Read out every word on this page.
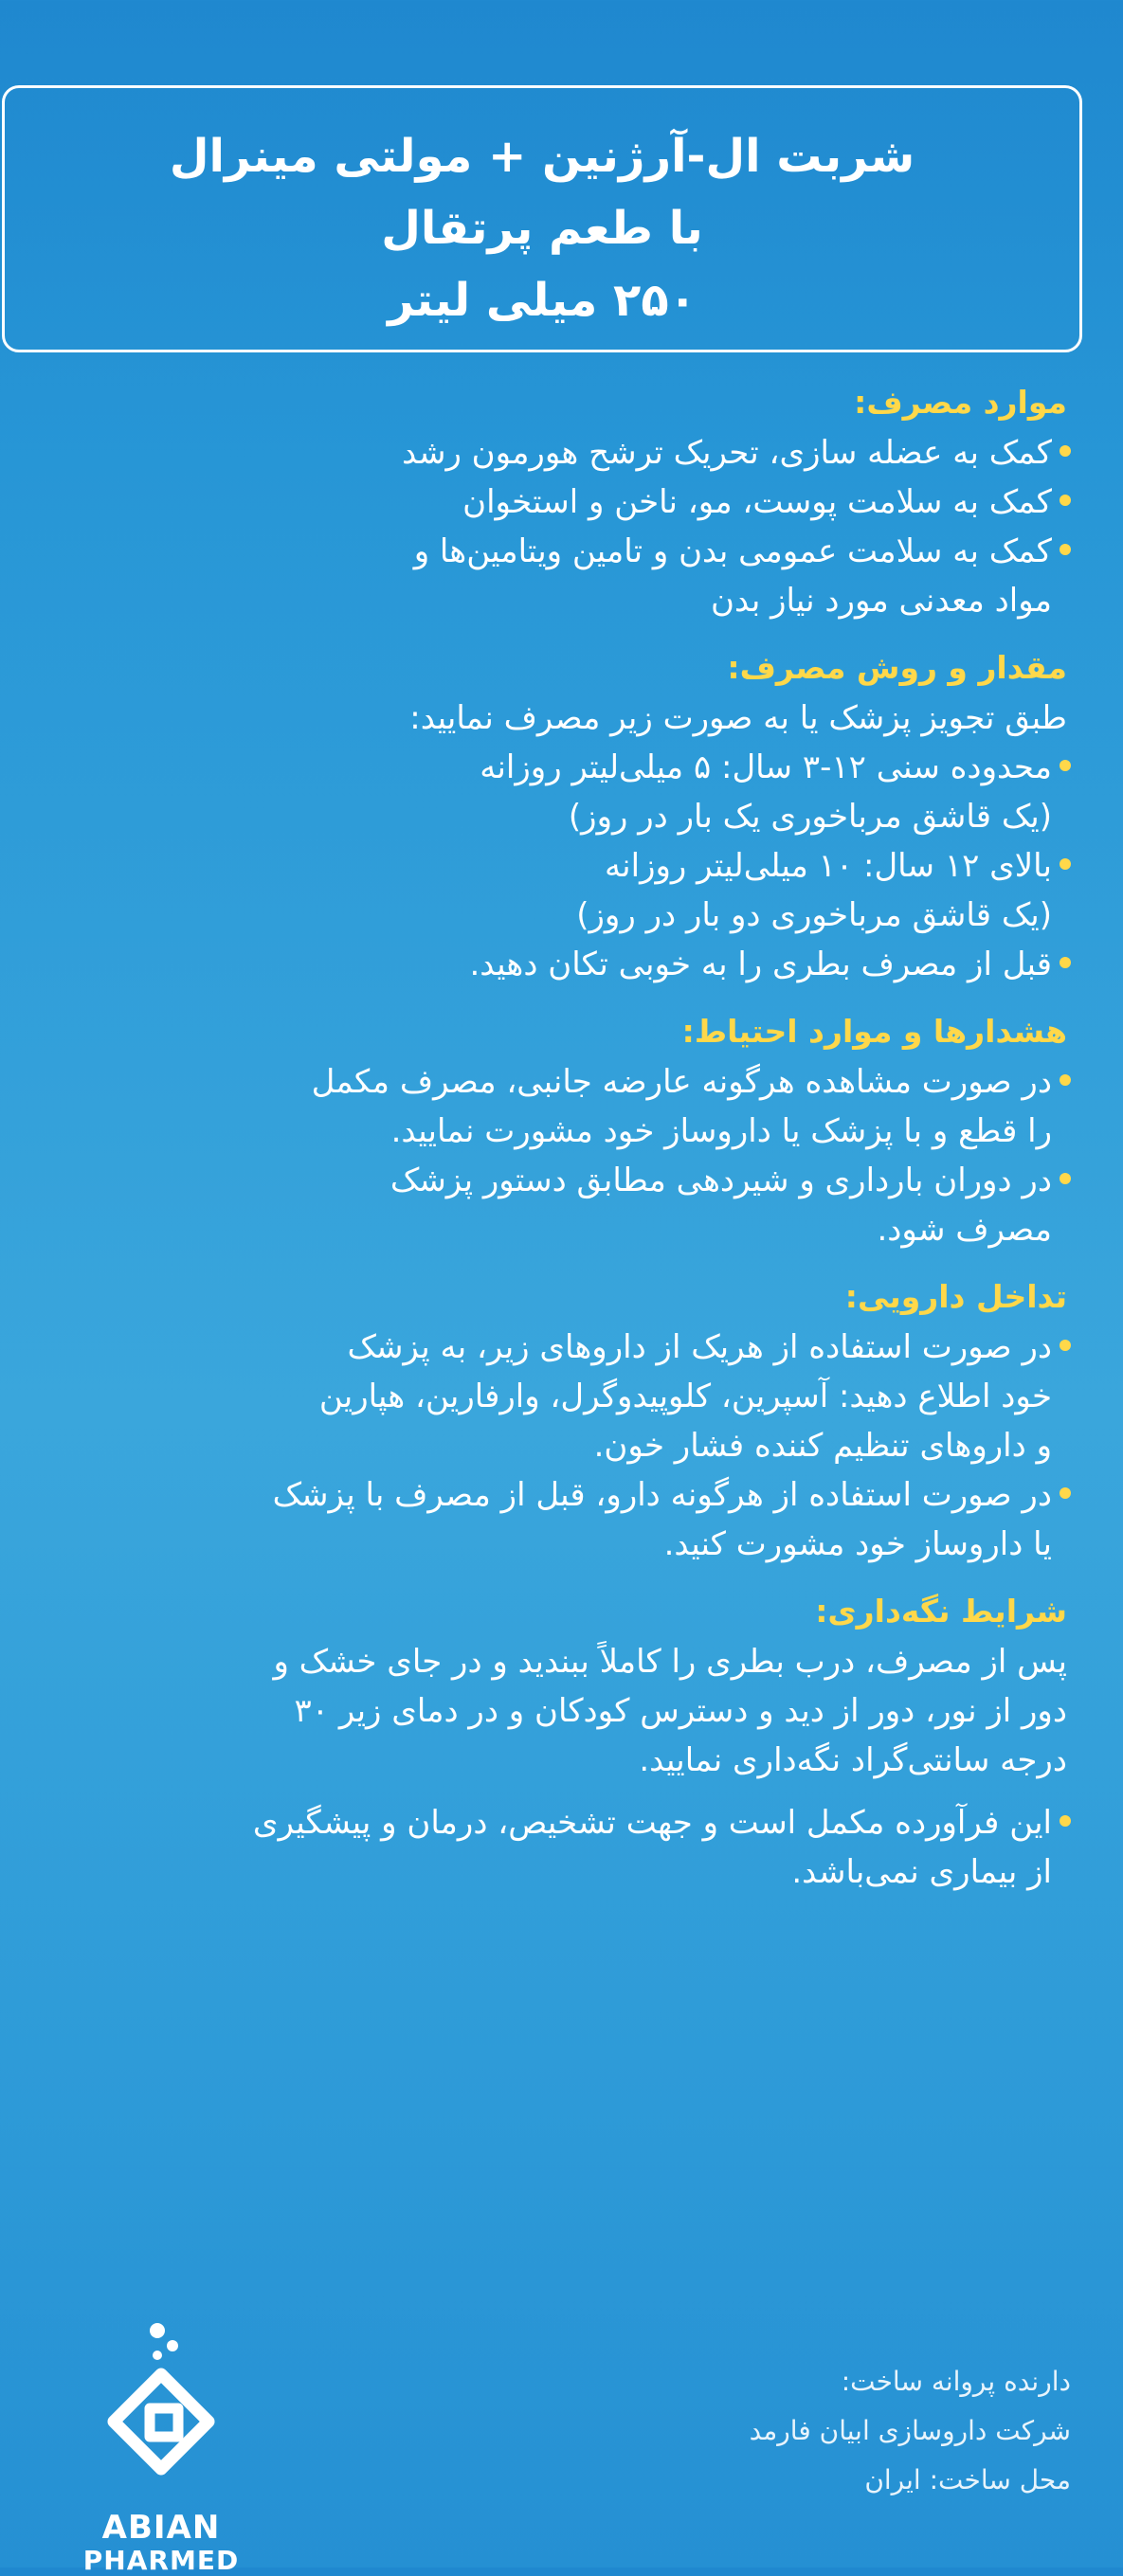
شربت ال-آرژنین + مولتی مینرال
با طعم پرتقال
۲۵۰ میلی لیتر
موارد مصرف:
کمک به عضله سازی، تحریک ترشح هورمون رشد
کمک به سلامت پوست، مو، ناخن و استخوان
کمک به سلامت عمومی بدن و تامین ویتامین‌ها و
مواد معدنی مورد نیاز بدن
مقدار و روش مصرف:
طبق تجویز پزشک یا به صورت زیر مصرف نمایید:
محدوده سنی ۱۲-۳ سال: ۵ میلی‌لیتر روزانه
(یک قاشق مرباخوری یک بار در روز)
بالای ۱۲ سال: ۱۰ میلی‌لیتر روزانه
(یک قاشق مرباخوری دو بار در روز)
قبل از مصرف بطری را به خوبی تکان دهید.
هشدارها و موارد احتیاط:
در صورت مشاهده هرگونه عارضه جانبی، مصرف مکمل
را قطع و با پزشک یا داروساز خود مشورت نمایید.
در دوران بارداری و شیردهی مطابق دستور پزشک
مصرف شود.
تداخل دارویی:
در صورت استفاده از هریک از داروهای زیر، به پزشک
خود اطلاع دهید: آسپرین، کلوپیدوگرل، وارفارین، هپارین
و داروهای تنظیم کننده فشار خون.
در صورت استفاده از هرگونه دارو، قبل از مصرف با پزشک
یا داروساز خود مشورت کنید.
شرایط نگه‌داری:
پس از مصرف، درب بطری را کاملاً ببندید و در جای خشک و
دور از نور، دور از دید و دسترس کودکان و در دمای زیر ۳۰
درجه سانتی‌گراد نگه‌داری نمایید.
این فرآورده مکمل است و جهت تشخیص، درمان و پیشگیری
از بیماری نمی‌باشد.
ABIAN
PHARMED
دارنده پروانه ساخت:
شرکت داروسازی ابیان فارمد
محل ساخت: ایران
